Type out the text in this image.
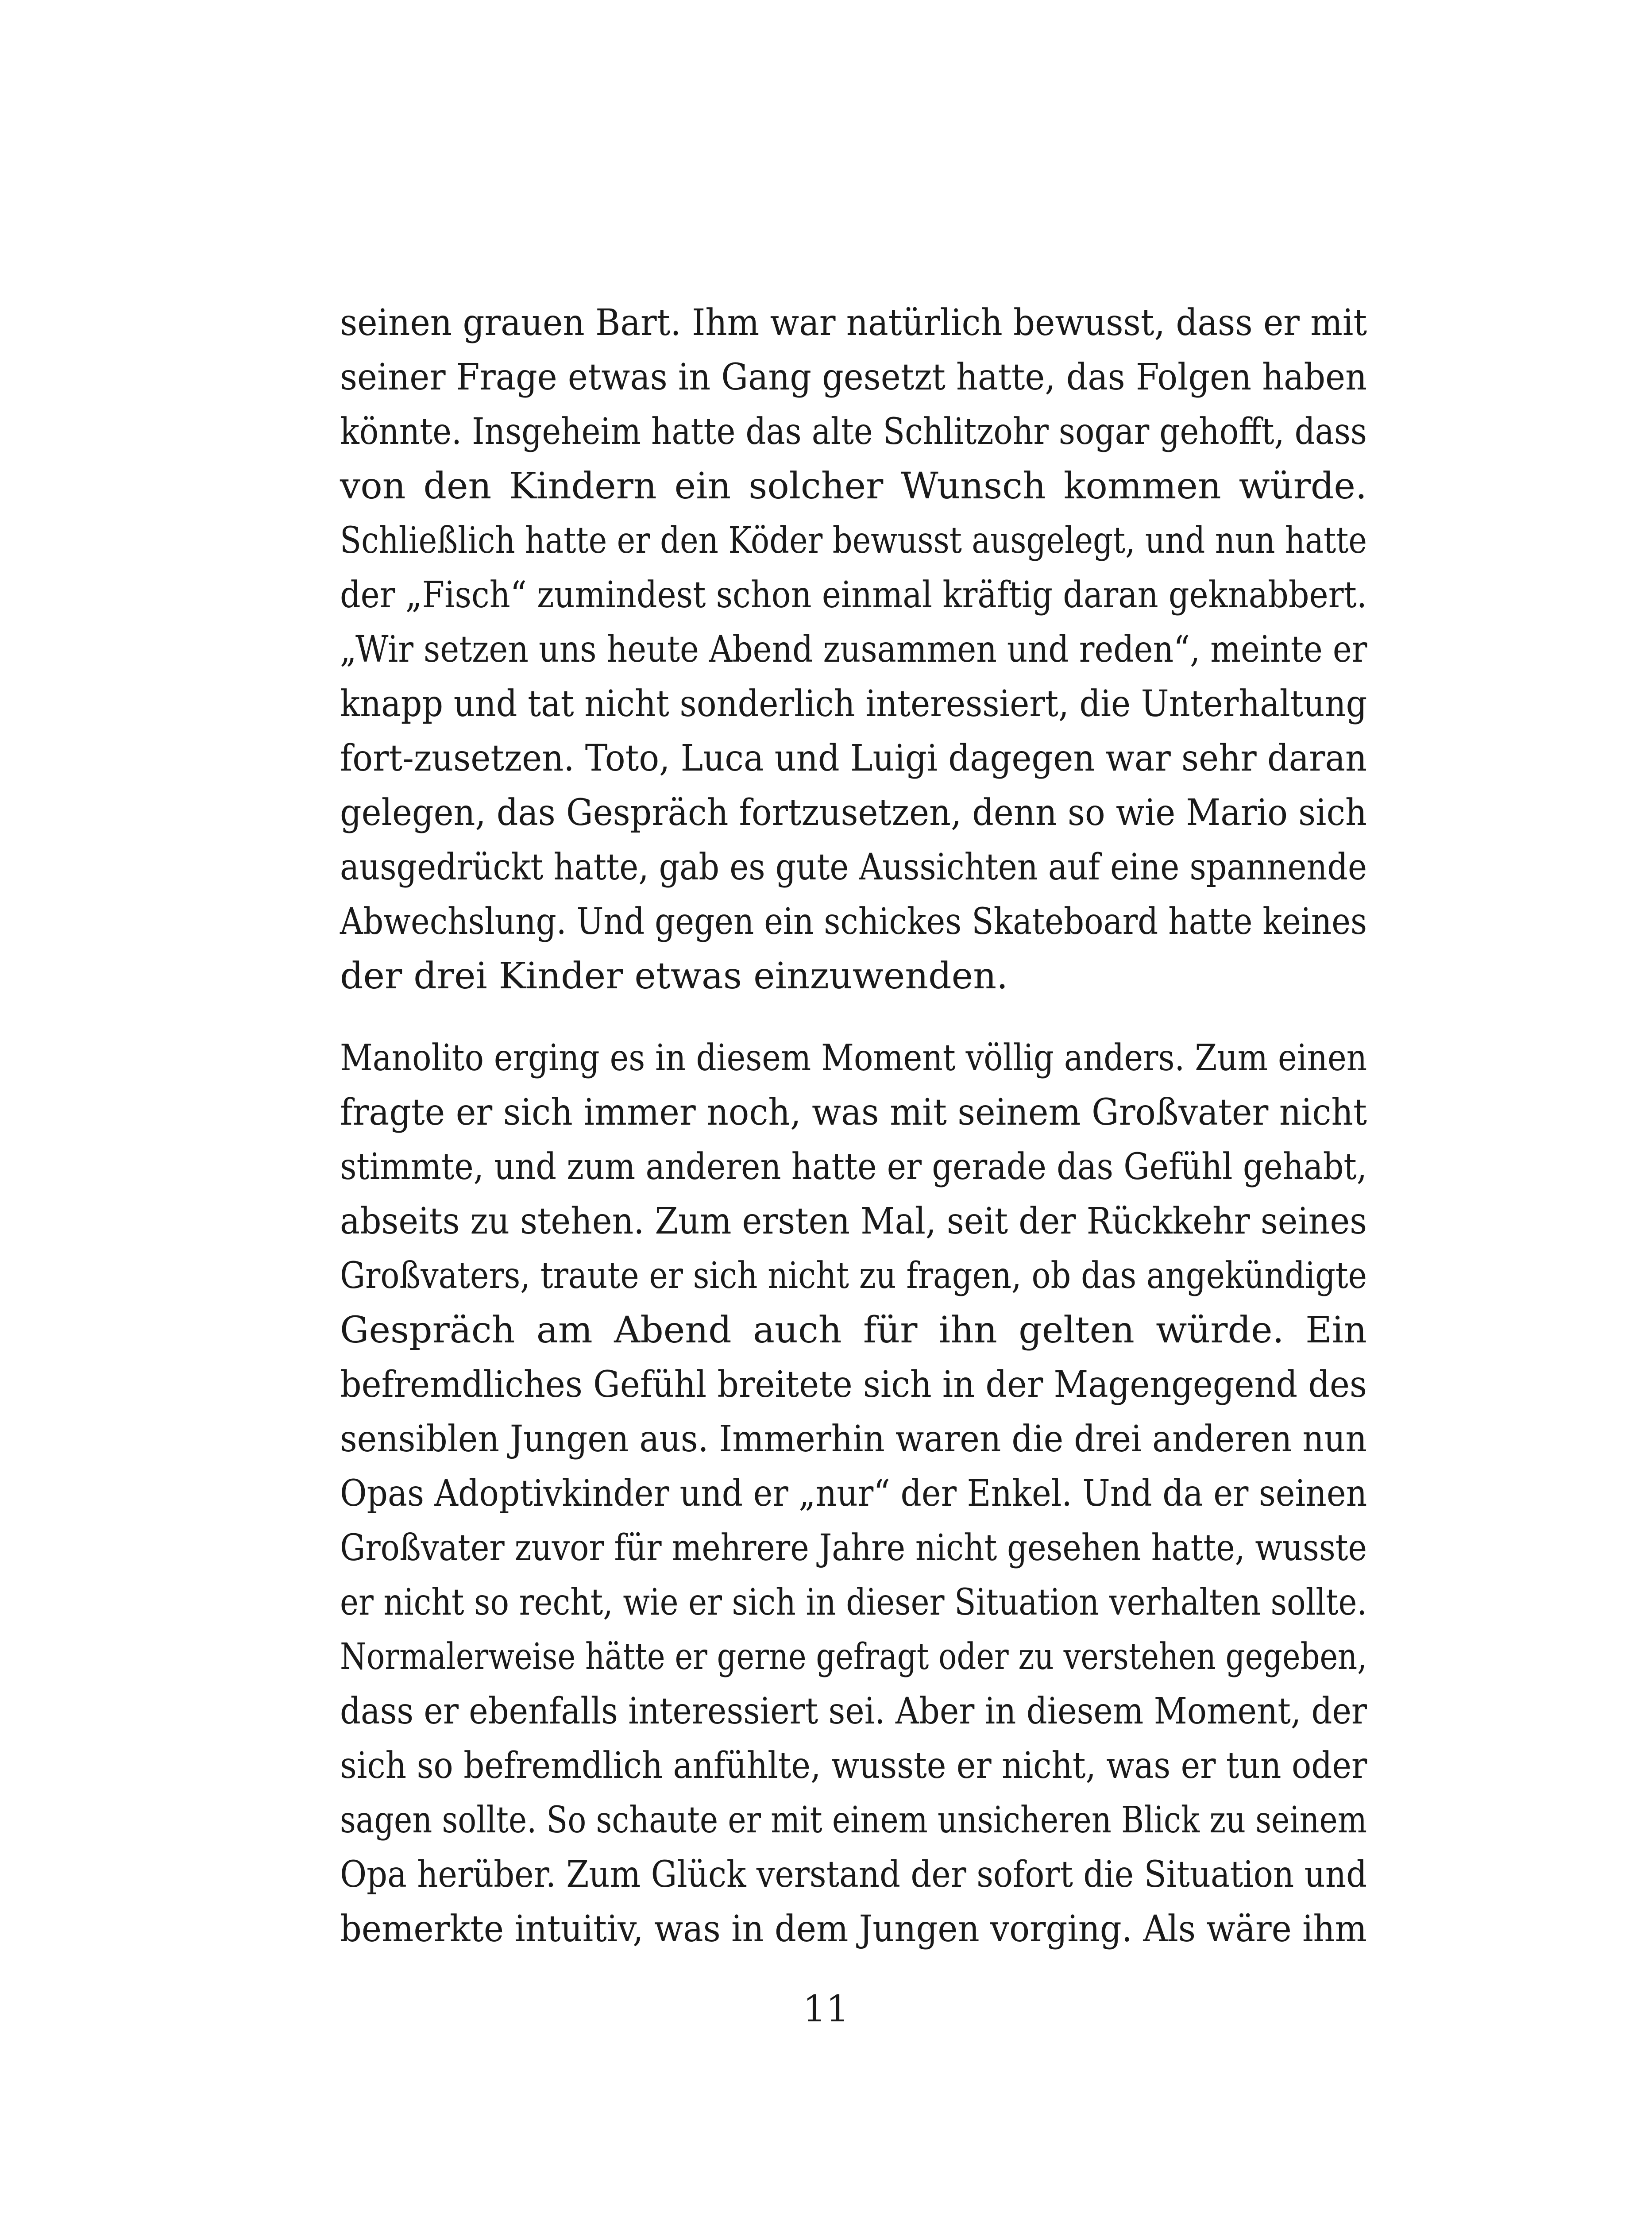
seinen grauen Bart. Ihm war natürlich bewusst, dass er mit
seiner Frage etwas in Gang gesetzt hatte, das Folgen haben
könnte. Insgeheim hatte das alte Schlitzohr sogar gehofft, dass
von den Kindern ein solcher Wunsch kommen würde.
Schließlich hatte er den Köder bewusst ausgelegt, und nun hatte
der „Fisch“ zumindest schon einmal kräftig daran geknabbert.
„Wir setzen uns heute Abend zusammen und reden“, meinte er
knapp und tat nicht sonderlich interessiert, die Unterhaltung
fort-zusetzen. Toto, Luca und Luigi dagegen war sehr daran
gelegen, das Gespräch fortzusetzen, denn so wie Mario sich
ausgedrückt hatte, gab es gute Aussichten auf eine spannende
Abwechslung. Und gegen ein schickes Skateboard hatte keines
der drei Kinder etwas einzuwenden.
Manolito erging es in diesem Moment völlig anders. Zum einen
fragte er sich immer noch, was mit seinem Großvater nicht
stimmte, und zum anderen hatte er gerade das Gefühl gehabt,
abseits zu stehen. Zum ersten Mal, seit der Rückkehr seines
Großvaters, traute er sich nicht zu fragen, ob das angekündigte
Gespräch am Abend auch für ihn gelten würde. Ein
befremdliches Gefühl breitete sich in der Magengegend des
sensiblen Jungen aus. Immerhin waren die drei anderen nun
Opas Adoptivkinder und er „nur“ der Enkel. Und da er seinen
Großvater zuvor für mehrere Jahre nicht gesehen hatte, wusste
er nicht so recht, wie er sich in dieser Situation verhalten sollte.
Normalerweise hätte er gerne gefragt oder zu verstehen gegeben,
dass er ebenfalls interessiert sei. Aber in diesem Moment, der
sich so befremdlich anfühlte, wusste er nicht, was er tun oder
sagen sollte. So schaute er mit einem unsicheren Blick zu seinem
Opa herüber. Zum Glück verstand der sofort die Situation und
bemerkte intuitiv, was in dem Jungen vorging. Als wäre ihm
11
